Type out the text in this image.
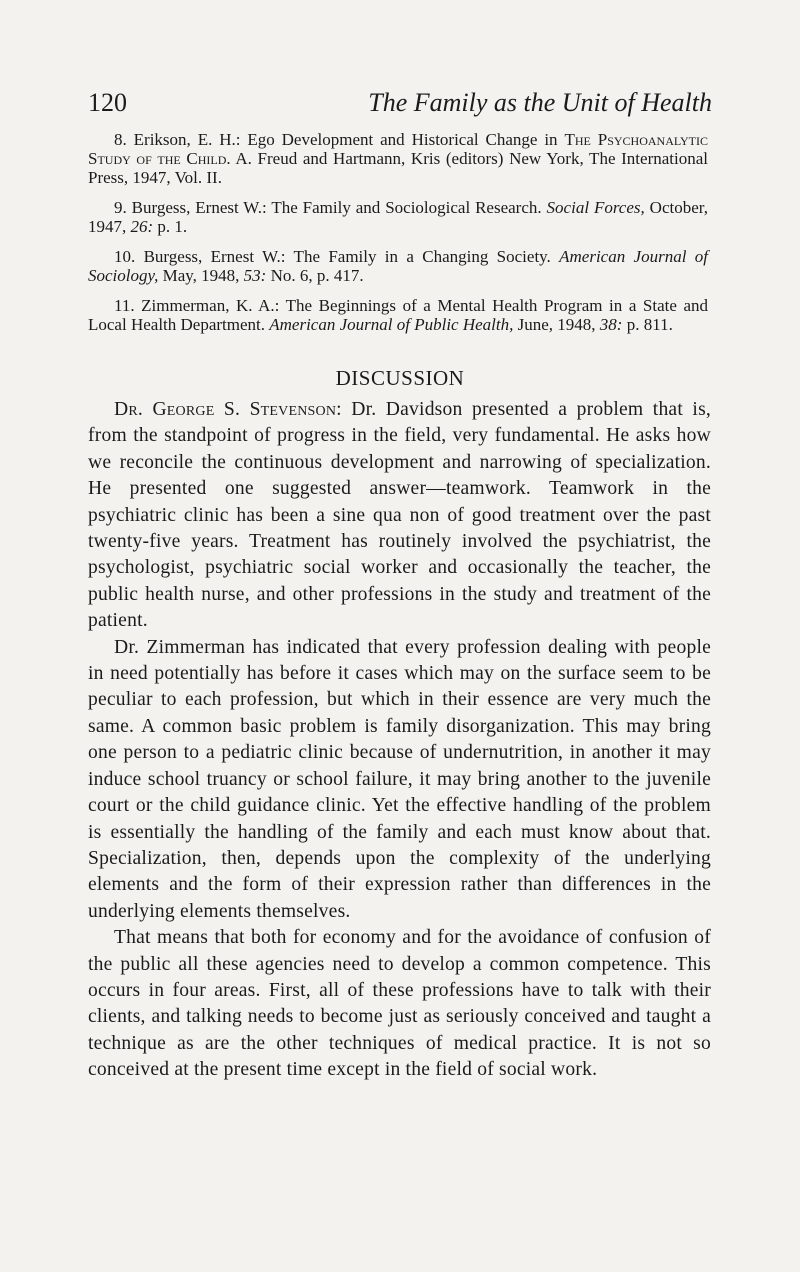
120	The Family as the Unit of Health

8. Erikson, E. H.: Ego Development and Historical Change in The Psychoanalytic Study of the Child. A. Freud and Hartmann, Kris (editors) New York, The International Press, 1947, Vol. II.

9. Burgess, Ernest W.: The Family and Sociological Research. Social Forces, October, 1947, 26: p. 1.

10. Burgess, Ernest W.: The Family in a Changing Society. American Journal of Sociology, May, 1948, 53: No. 6, p. 417.

11. Zimmerman, K. A.: The Beginnings of a Mental Health Program in a State and Local Health Department. American Journal of Public Health, June, 1948, 38: p. 811.

DISCUSSION

Dr. George S. Stevenson: Dr. Davidson presented a problem that is, from the standpoint of progress in the field, very fundamental. He asks how we reconcile the continuous development and narrowing of specialization. He presented one suggested answer—teamwork. Teamwork in the psychiatric clinic has been a sine qua non of good treatment over the past twenty-five years. Treatment has routinely involved the psychiatrist, the psychologist, psychiatric social worker and occasionally the teacher, the public health nurse, and other professions in the study and treatment of the patient.

Dr. Zimmerman has indicated that every profession dealing with people in need potentially has before it cases which may on the surface seem to be peculiar to each profession, but which in their essence are very much the same. A common basic problem is family disorganization. This may bring one person to a pediatric clinic because of undernutrition, in another it may induce school truancy or school failure, it may bring another to the juvenile court or the child guidance clinic. Yet the effective handling of the problem is essentially the handling of the family and each must know about that. Specialization, then, depends upon the complexity of the underlying elements and the form of their expression rather than differences in the underlying elements themselves.

That means that both for economy and for the avoidance of confusion of the public all these agencies need to develop a common competence. This occurs in four areas. First, all of these professions have to talk with their clients, and talking needs to become just as seriously conceived and taught a technique as are the other techniques of medical practice. It is not so conceived at the present time except in the field of social work.
